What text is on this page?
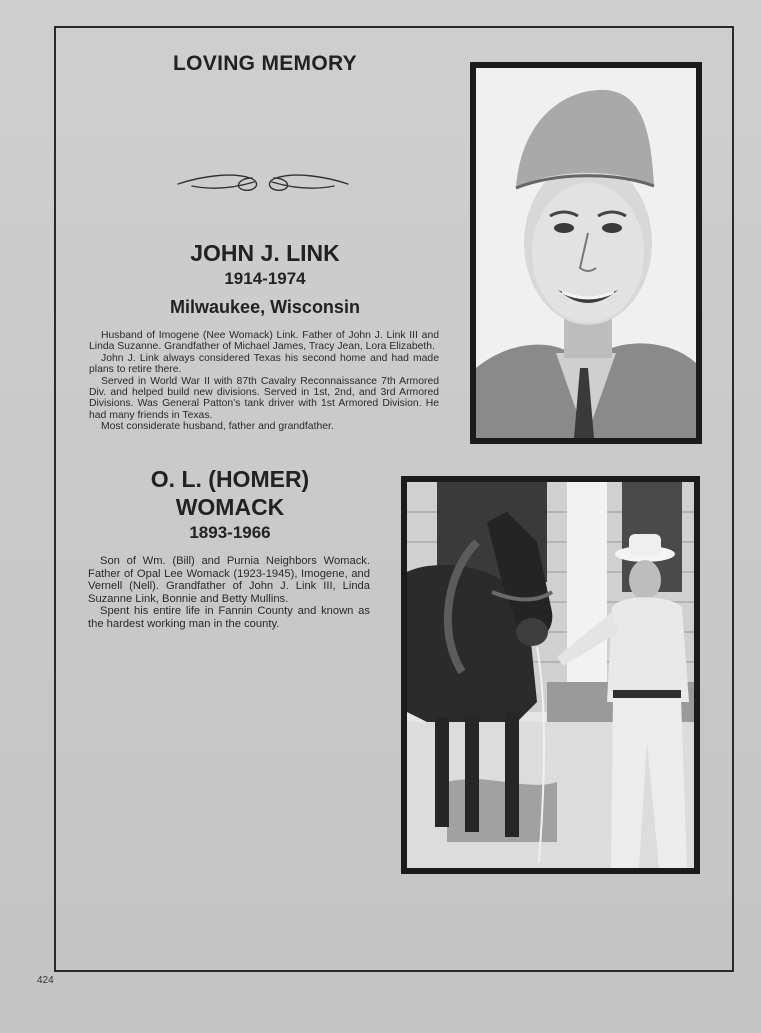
LOVING MEMORY
JOHN J. LINK
1914-1974
Milwaukee, Wisconsin

Husband of Imogene (Nee Womack) Link. Father of John J. Link III and Linda Suzanne. Grandfather of Michael James, Tracy Jean, Lora Elizabeth.

John J. Link always considered Texas his second home and had made plans to retire there.

Served in World War II with 87th Cavalry Reconnaissance 7th Armored Div. and helped build new divisions. Served in 1st, 2nd, and 3rd Armored Divisions. Was General Patton's tank driver with 1st Armored Division. He had many friends in Texas.

Most considerate husband, father and grandfather.

O. L. (HOMER)
WOMACK
1893-1966

Son of Wm. (Bill) and Purnia Neighbors Womack. Father of Opal Lee Womack (1923-1945), Imogene, and Vernell (Nell). Grandfather of John J. Link III, Linda Suzanne Link, Bonnie and Betty Mullins.

Spent his entire life in Fannin County and known as the hardest working man in the county.

424
